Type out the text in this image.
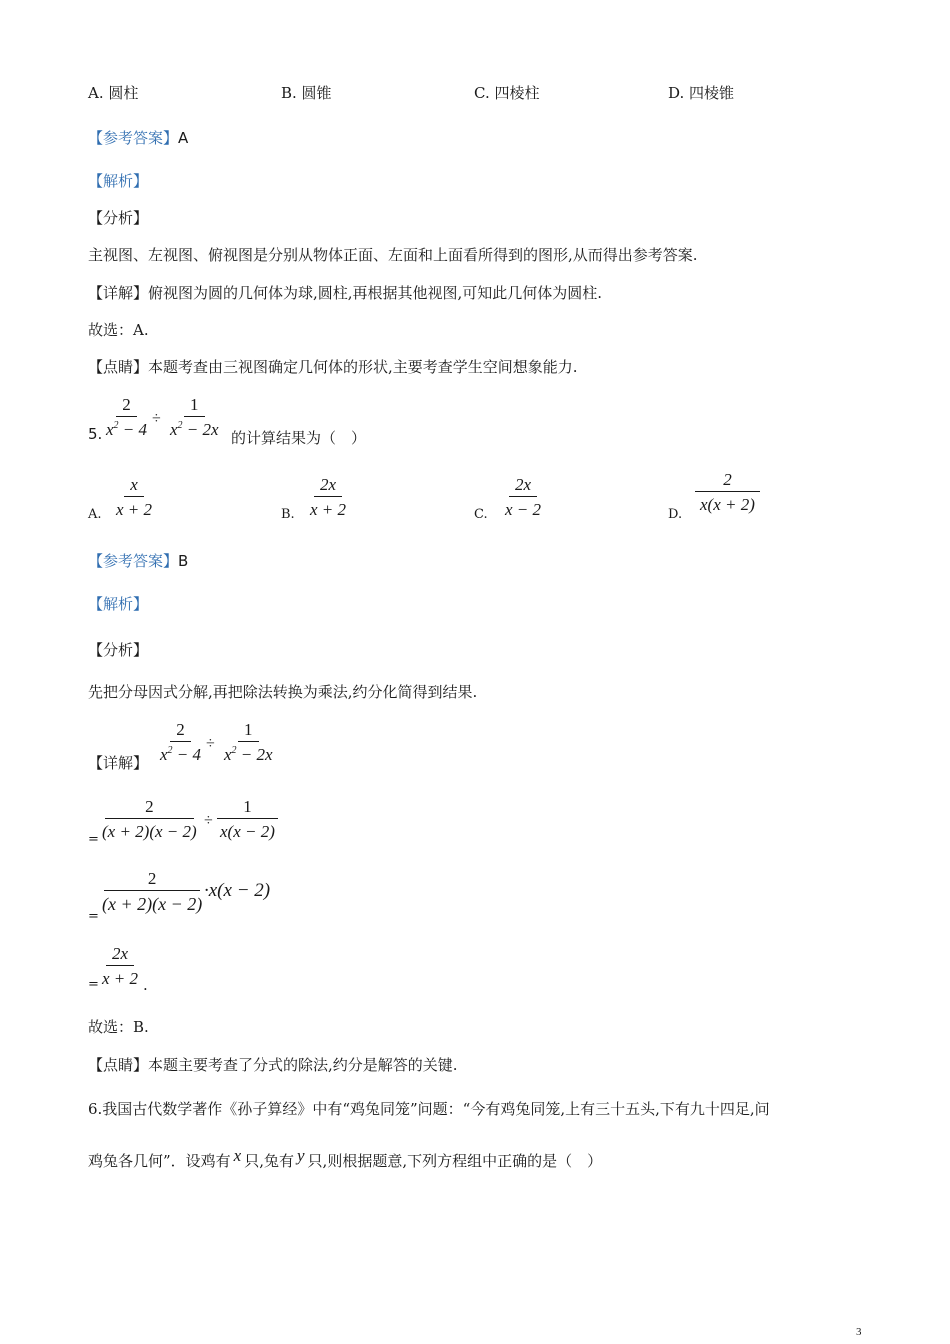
A. 圆柱	B. 圆锥	C. 四棱柱	D. 四棱锥
【参考答案】A
【解析】
【分析】
主视图、左视图、俯视图是分别从物体正面、左面和上面看所得到的图形,从而得出参考答案.
【详解】俯视图为圆的几何体为球,圆柱,再根据其他视图,可知此几何体为圆柱.
故选：A.
【点睛】本题考查由三视图确定几何体的形状,主要考查学生空间想象能力.
5.
$\frac{2}{x^2 - 4}$
÷ $\frac{1}{x^2 - 2x}$ 的计算结果为（　）
A. $\frac{x}{x + 2}$	B. $\frac{2x}{x + 2}$	C. $\frac{2x}{x - 2}$	D.
$\frac{2}{x(x + 2)}$
【参考答案】B
【解析】
【分析】
先把分母因式分解,再把除法转换为乘法,约分化简得到结果.
【详解】 $\frac{2}{x^2 - 4}$
÷ $\frac{1}{x^2 - 2x}$
=
$\frac{2}{(x + 2)(x - 2)} \div \frac{1}{x(x - 2)}$
=
$\frac{2}{(x + 2)(x - 2)}$
·x(x − 2)
=
$\frac{2x}{x + 2}$
.
故选：B.
【点睛】本题主要考查了分式的除法,约分是解答的关键.
6.我国古代数学著作《孙子算经》中有“鸡兔同笼”问题：“今有鸡兔同笼,上有三十五头,下有九十四足,问
鸡兔各几何”．设鸡有 x 只,兔有 y 只,则根据题意,下列方程组中正确的是（　）
3
